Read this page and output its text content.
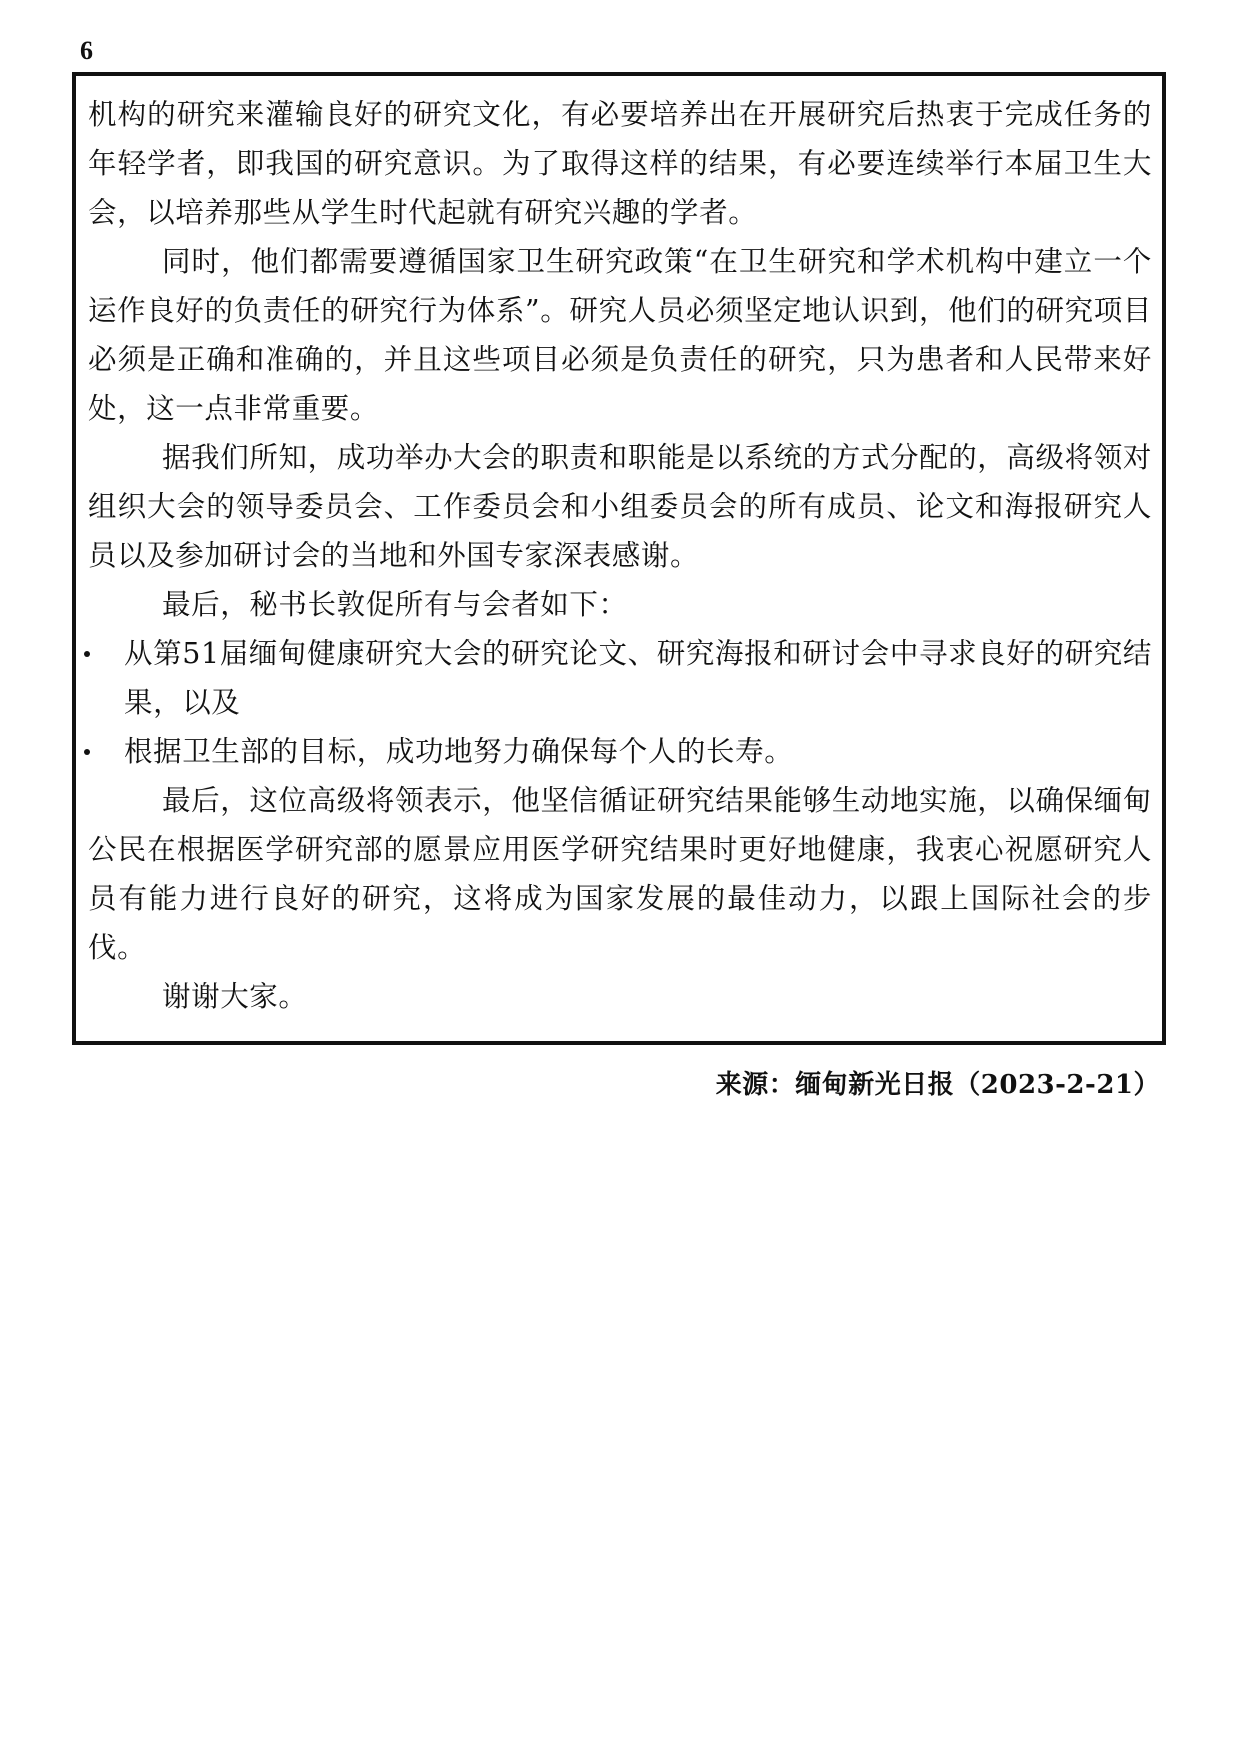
6

机构的研究来灌输良好的研究文化，有必要培养出在开展研究后热衷于完成任务的年轻学者，即我国的研究意识。为了取得这样的结果，有必要连续举行本届卫生大会，以培养那些从学生时代起就有研究兴趣的学者。

同时，他们都需要遵循国家卫生研究政策“在卫生研究和学术机构中建立一个运作良好的负责任的研究行为体系”。研究人员必须坚定地认识到，他们的研究项目必须是正确和准确的，并且这些项目必须是负责任的研究，只为患者和人民带来好处，这一点非常重要。

据我们所知，成功举办大会的职责和职能是以系统的方式分配的，高级将领对组织大会的领导委员会、工作委员会和小组委员会的所有成员、论文和海报研究人员以及参加研讨会的当地和外国专家深表感谢。

最后，秘书长敦促所有与会者如下：

从第51届缅甸健康研究大会的研究论文、研究海报和研讨会中寻求良好的研究结果，以及
根据卫生部的目标，成功地努力确保每个人的长寿。

最后，这位高级将领表示，他坚信循证研究结果能够生动地实施，以确保缅甸公民在根据医学研究部的愿景应用医学研究结果时更好地健康，我衷心祝愿研究人员有能力进行良好的研究，这将成为国家发展的最佳动力，以跟上国际社会的步伐。

谢谢大家。

来源：缅甸新光日报（2023-2-21）
